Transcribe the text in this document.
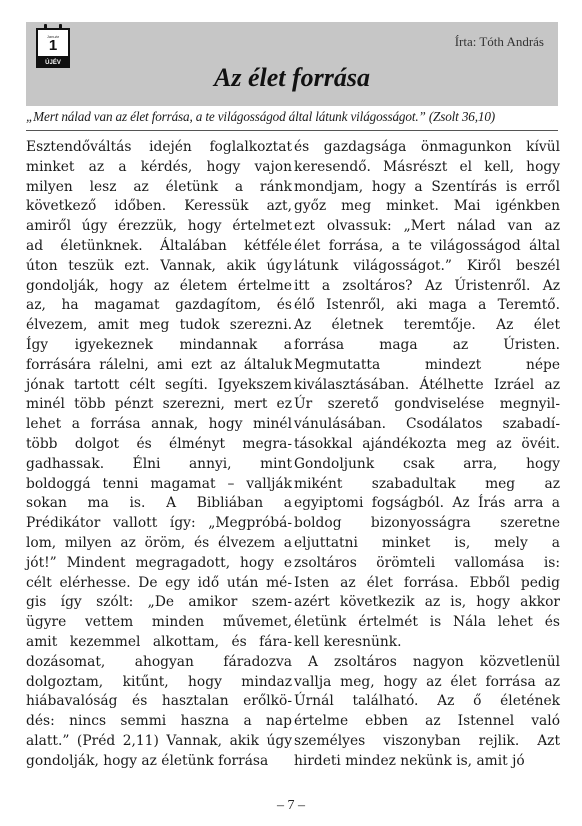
Január
1
ÚJÉV
Írta: Tóth András
Az élet forrása
„Mert nálad van az élet forrása, a te világosságod által látunk világosságot.” (Zsolt 36,10)
Esztendőváltás idején foglalkoztat
minket az a kérdés, hogy vajon
milyen lesz az életünk a ránk
következő időben. Keressük azt,
amiről úgy érezzük, hogy értelmet
ad életünknek. Általában kétféle
úton teszük ezt. Vannak, akik úgy
gondolják, hogy az életem értelme
az, ha magamat gazdagítom, és
élvezem, amit meg tudok szerezni.
Így igyekeznek mindannak a
forrására rálelni, ami ezt az általuk
jónak tartott célt segíti. Igyekszem
minél több pénzt szerezni, mert ez
lehet a forrása annak, hogy minél
több dolgot és élményt megra-
gadhassak. Élni annyi, mint
boldoggá tenni magamat – vallják
sokan ma is. A Bibliában a
Prédikátor vallott így: „Megpróbá-
lom, milyen az öröm, és élvezem a
jót!” Mindent megragadott, hogy e
célt elérhesse. De egy idő után mé-
gis így szólt: „De amikor szem-
ügyre vettem minden művemet,
amit kezemmel alkottam, és fára-
dozásomat, ahogyan fáradozva
dolgoztam, kitűnt, hogy mindaz
hiábavalóság és hasztalan erőlkö-
dés: nincs semmi haszna a nap
alatt.” (Préd 2,11) Vannak, akik úgy
gondolják, hogy az életünk forrása
és gazdagsága önmagunkon kívül
keresendő. Másrészt el kell, hogy
mondjam, hogy a Szentírás is erről
győz meg minket. Mai igénkben
ezt olvassuk: „Mert nálad van az
élet forrása, a te világosságod által
látunk világosságot.” Kiről beszél
itt a zsoltáros? Az Úristenről. Az
élő Istenről, aki maga a Teremtő.
Az életnek teremtője. Az élet
forrása maga az Úristen.
Megmutatta mindezt népe
kiválasztásában. Átélhette Izráel az
Úr szerető gondviselése megnyil-
vánulásában. Csodálatos szabadí-
tásokkal ajándékozta meg az övéit.
Gondoljunk csak arra, hogy
miként szabadultak meg az
egyiptomi fogságból. Az Írás arra a
boldog bizonyosságra szeretne
eljuttatni minket is, mely a
zsoltáros örömteli vallomása is:
Isten az élet forrása. Ebből pedig
azért következik az is, hogy akkor
életünk értelmét is Nála lehet és
kell keresnünk.
A zsoltáros nagyon közvetlenül
vallja meg, hogy az élet forrása az
Úrnál található. Az ő életének
értelme ebben az Istennel való
személyes viszonyban rejlik. Azt
hirdeti mindez nekünk is, amit jó
– 7 –
